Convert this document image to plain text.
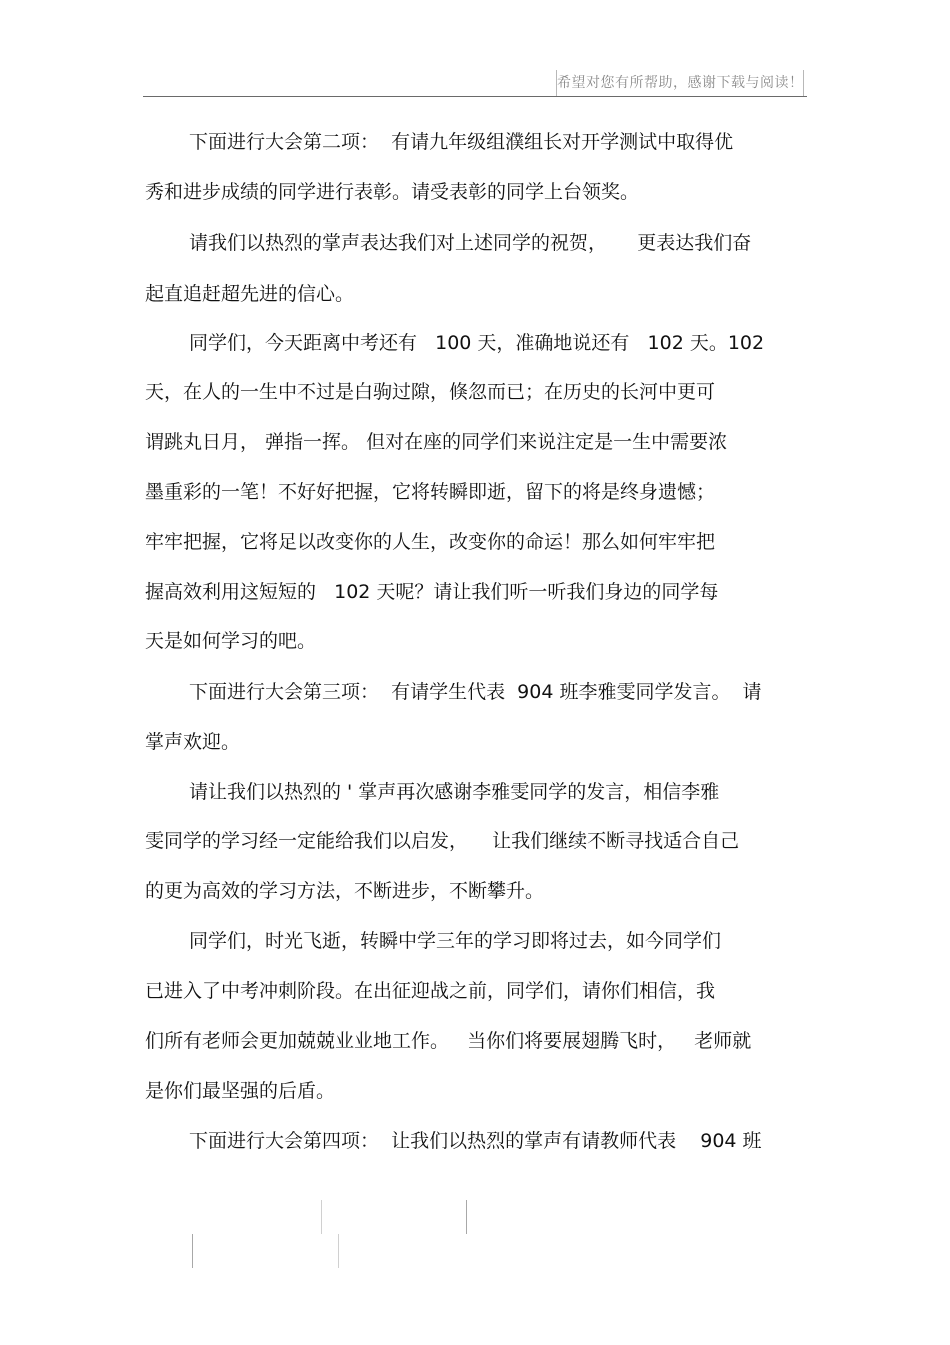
希望对您有所帮助，感谢下载与阅读！
下面进行大会第二项：  有请九年级组濮组长对开学测试中取得优
秀和进步成绩的同学进行表彰。请受表彰的同学上台领奖。
请我们以热烈的掌声表达我们对上述同学的祝贺，     更表达我们奋
起直追赶超先进的信心。
同学们，今天距离中考还有   100 天，准确地说还有   102 天。102
天，在人的一生中不过是白驹过隙，倏忽而已；在历史的长河中更可
谓跳丸日月， 弹指一挥。 但对在座的同学们来说注定是一生中需要浓
墨重彩的一笔！不好好把握，它将转瞬即逝，留下的将是终身遗憾；
牢牢把握，它将足以改变你的人生，改变你的命运！那么如何牢牢把
握高效利用这短短的   102 天呢？请让我们听一听我们身边的同学每
天是如何学习的吧。
下面进行大会第三项：  有请学生代表  904 班李雅雯同学发言。  请
掌声欢迎。
请让我们以热烈的 ' 掌声再次感谢李雅雯同学的发言，相信李雅
雯同学的学习经一定能给我们以启发，    让我们继续不断寻找适合自己
的更为高效的学习方法，不断进步，不断攀升。
同学们，时光飞逝，转瞬中学三年的学习即将过去，如今同学们
已进入了中考冲刺阶段。在出征迎战之前，同学们，请你们相信，我
们所有老师会更加兢兢业业地工作。   当你们将要展翅腾飞时，   老师就
是你们最坚强的后盾。
下面进行大会第四项：  让我们以热烈的掌声有请教师代表    904 班
